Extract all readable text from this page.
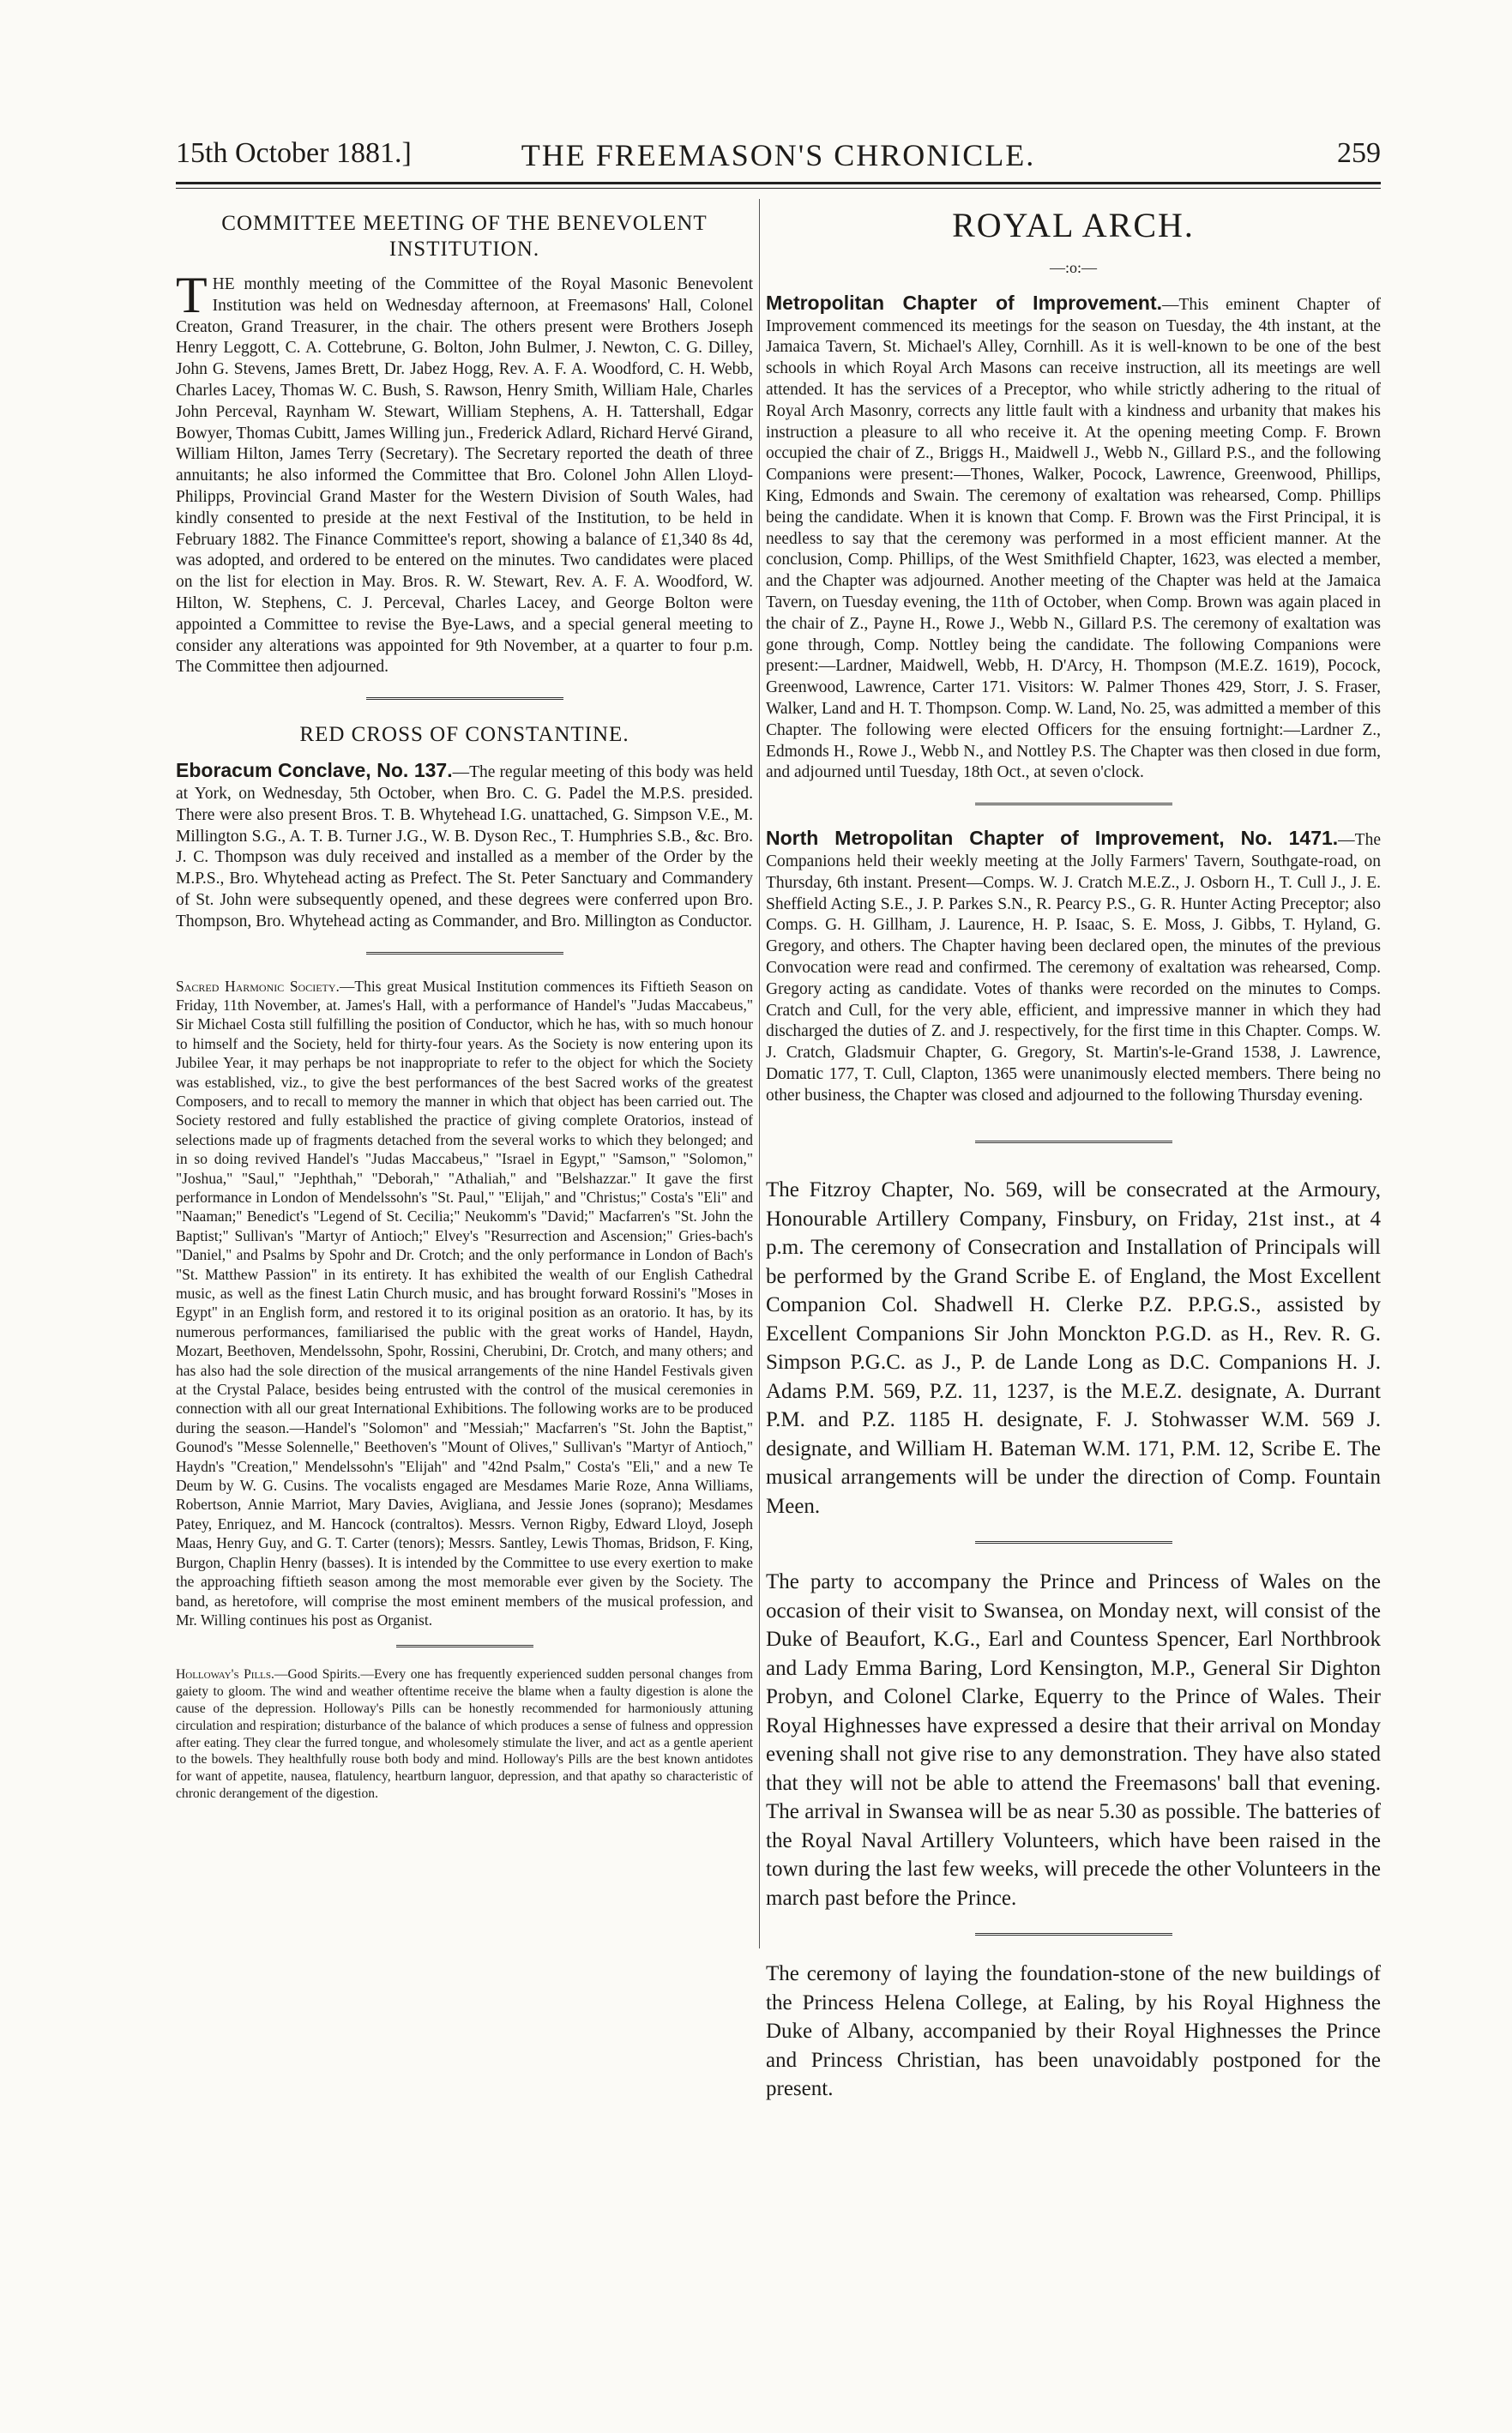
15th October 1881.]	THE FREEMASON'S CHRONICLE.	259
COMMITTEE MEETING OF THE BENEVOLENT INSTITUTION.

THE monthly meeting of the Committee of the Royal Masonic Benevolent Institution was held on Wednesday afternoon, at Freemasons' Hall, Colonel Creaton, Grand Treasurer, in the chair. The others present were Brothers Joseph Henry Leggott, C. A. Cottebrune, G. Bolton, John Bulmer, J. Newton, C. G. Dilley, John G. Stevens, James Brett, Dr. Jabez Hogg, Rev. A. F. A. Woodford, C. H. Webb, Charles Lacey, Thomas W. C. Bush, S. Rawson, Henry Smith, William Hale, Charles John Perceval, Raynham W. Stewart, William Stephens, A. H. Tattershall, Edgar Bowyer, Thomas Cubitt, James Willing jun., Frederick Adlard, Richard Hervé Girand, William Hilton, James Terry (Secretary). The Secretary reported the death of three annuitants; he also informed the Committee that Bro. Colonel John Allen Lloyd-Philipps, Provincial Grand Master for the Western Division of South Wales, had kindly consented to preside at the next Festival of the Institution, to be held in February 1882. The Finance Committee's report, showing a balance of £1,340 8s 4d, was adopted, and ordered to be entered on the minutes. Two candidates were placed on the list for election in May. Bros. R. W. Stewart, Rev. A. F. A. Woodford, W. Hilton, W. Stephens, C. J. Perceval, Charles Lacey, and George Bolton were appointed a Committee to revise the Bye-Laws, and a special general meeting to consider any alterations was appointed for 9th November, at a quarter to four p.m. The Committee then adjourned.

RED CROSS OF CONSTANTINE.

Eboracum Conclave, No. 137.—The regular meeting of this body was held at York, on Wednesday, 5th October, when Bro. C. G. Padel the M.P.S. presided. There were also present Bros. T. B. Whytehead I.G. unattached, G. Simpson V.E., M. Millington S.G., A. T. B. Turner J.G., W. B. Dyson Rec., T. Humphries S.B., &c. Bro. J. C. Thompson was duly received and installed as a member of the Order by the M.P.S., Bro. Whytehead acting as Prefect. The St. Peter Sanctuary and Commandery of St. John were subsequently opened, and these degrees were conferred upon Bro. Thompson, Bro. Whytehead acting as Commander, and Bro. Millington as Conductor.

Sacred Harmonic Society.—This great Musical Institution commences its Fiftieth Season on Friday, 11th November, at. James's Hall, with a performance of Handel's "Judas Maccabeus," Sir Michael Costa still fulfilling the position of Conductor, which he has, with so much honour to himself and the Society, held for thirty-four years. As the Society is now entering upon its Jubilee Year, it may perhaps be not inappropriate to refer to the object for which the Society was established, viz., to give the best performances of the best Sacred works of the greatest Composers, and to recall to memory the manner in which that object has been carried out. The Society restored and fully established the practice of giving complete Oratorios, instead of selections made up of fragments detached from the several works to which they belonged; and in so doing revived Handel's "Judas Maccabeus," "Israel in Egypt," "Samson," "Solomon," "Joshua," "Saul," "Jephthah," "Deborah," "Athaliah," and "Belshazzar." It gave the first performance in London of Mendelssohn's "St. Paul," "Elijah," and "Christus;" Costa's "Eli" and "Naaman;" Benedict's "Legend of St. Cecilia;" Neukomm's "David;" Macfarren's "St. John the Baptist;" Sullivan's "Martyr of Antioch;" Elvey's "Resurrection and Ascension;" Gries-bach's "Daniel," and Psalms by Spohr and Dr. Crotch; and the only performance in London of Bach's "St. Matthew Passion" in its entirety. It has exhibited the wealth of our English Cathedral music, as well as the finest Latin Church music, and has brought forward Rossini's "Moses in Egypt" in an English form, and restored it to its original position as an oratorio. It has, by its numerous performances, familiarised the public with the great works of Handel, Haydn, Mozart, Beethoven, Mendelssohn, Spohr, Rossini, Cherubini, Dr. Crotch, and many others; and has also had the sole direction of the musical arrangements of the nine Handel Festivals given at the Crystal Palace, besides being entrusted with the control of the musical ceremonies in connection with all our great International Exhibitions. The following works are to be produced during the season.—Handel's "Solomon" and "Messiah;" Macfarren's "St. John the Baptist," Gounod's "Messe Solennelle," Beethoven's "Mount of Olives," Sullivan's "Martyr of Antioch," Haydn's "Creation," Mendelssohn's "Elijah" and "42nd Psalm," Costa's "Eli," and a new Te Deum by W. G. Cusins. The vocalists engaged are Mesdames Marie Roze, Anna Williams, Robertson, Annie Marriot, Mary Davies, Avigliana, and Jessie Jones (soprano); Mesdames Patey, Enriquez, and M. Hancock (contraltos). Messrs. Vernon Rigby, Edward Lloyd, Joseph Maas, Henry Guy, and G. T. Carter (tenors); Messrs. Santley, Lewis Thomas, Bridson, F. King, Burgon, Chaplin Henry (basses). It is intended by the Committee to use every exertion to make the approaching fiftieth season among the most memorable ever given by the Society. The band, as heretofore, will comprise the most eminent members of the musical profession, and Mr. Willing continues his post as Organist.

Holloway's Pills.—Good Spirits.—Every one has frequently experienced sudden personal changes from gaiety to gloom. The wind and weather oftentime receive the blame when a faulty digestion is alone the cause of the depression. Holloway's Pills can be honestly recommended for harmoniously attuning circulation and respiration; disturbance of the balance of which produces a sense of fulness and oppression after eating. They clear the furred tongue, and wholesomely stimulate the liver, and act as a gentle aperient to the bowels. They healthfully rouse both body and mind. Holloway's Pills are the best known antidotes for want of appetite, nausea, flatulency, heartburn languor, depression, and that apathy so characteristic of chronic derangement of the digestion.

ROYAL ARCH.
—:o:—

Metropolitan Chapter of Improvement.—This eminent Chapter of Improvement commenced its meetings for the season on Tuesday, the 4th instant, at the Jamaica Tavern, St. Michael's Alley, Cornhill. As it is well-known to be one of the best schools in which Royal Arch Masons can receive instruction, all its meetings are well attended. It has the services of a Preceptor, who while strictly adhering to the ritual of Royal Arch Masonry, corrects any little fault with a kindness and urbanity that makes his instruction a pleasure to all who receive it. At the opening meeting Comp. F. Brown occupied the chair of Z., Briggs H., Maidwell J., Webb N., Gillard P.S., and the following Companions were present:—Thones, Walker, Pocock, Lawrence, Greenwood, Phillips, King, Edmonds and Swain. The ceremony of exaltation was rehearsed, Comp. Phillips being the candidate. When it is known that Comp. F. Brown was the First Principal, it is needless to say that the ceremony was performed in a most efficient manner. At the conclusion, Comp. Phillips, of the West Smithfield Chapter, 1623, was elected a member, and the Chapter was adjourned. Another meeting of the Chapter was held at the Jamaica Tavern, on Tuesday evening, the 11th of October, when Comp. Brown was again placed in the chair of Z., Payne H., Rowe J., Webb N., Gillard P.S. The ceremony of exaltation was gone through, Comp. Nottley being the candidate. The following Companions were present:—Lardner, Maidwell, Webb, H. D'Arcy, H. Thompson (M.E.Z. 1619), Pocock, Greenwood, Lawrence, Carter 171. Visitors: W. Palmer Thones 429, Storr, J. S. Fraser, Walker, Land and H. T. Thompson. Comp. W. Land, No. 25, was admitted a member of this Chapter. The following were elected Officers for the ensuing fortnight:—Lardner Z., Edmonds H., Rowe J., Webb N., and Nottley P.S. The Chapter was then closed in due form, and adjourned until Tuesday, 18th Oct., at seven o'clock.

North Metropolitan Chapter of Improvement, No. 1471.—The Companions held their weekly meeting at the Jolly Farmers' Tavern, Southgate-road, on Thursday, 6th instant. Present—Comps. W. J. Cratch M.E.Z., J. Osborn H., T. Cull J., J. E. Sheffield Acting S.E., J. P. Parkes S.N., R. Pearcy P.S., G. R. Hunter Acting Preceptor; also Comps. G. H. Gillham, J. Laurence, H. P. Isaac, S. E. Moss, J. Gibbs, T. Hyland, G. Gregory, and others. The Chapter having been declared open, the minutes of the previous Convocation were read and confirmed. The ceremony of exaltation was rehearsed, Comp. Gregory acting as candidate. Votes of thanks were recorded on the minutes to Comps. Cratch and Cull, for the very able, efficient, and impressive manner in which they had discharged the duties of Z. and J. respectively, for the first time in this Chapter. Comps. W. J. Cratch, Gladsmuir Chapter, G. Gregory, St. Martin's-le-Grand 1538, J. Lawrence, Domatic 177, T. Cull, Clapton, 1365 were unanimously elected members. There being no other business, the Chapter was closed and adjourned to the following Thursday evening.

The Fitzroy Chapter, No. 569, will be consecrated at the Armoury, Honourable Artillery Company, Finsbury, on Friday, 21st inst., at 4 p.m. The ceremony of Consecration and Installation of Principals will be performed by the Grand Scribe E. of England, the Most Excellent Companion Col. Shadwell H. Clerke P.Z. P.P.G.S., assisted by Excellent Companions Sir John Monckton P.G.D. as H., Rev. R. G. Simpson P.G.C. as J., P. de Lande Long as D.C. Companions H. J. Adams P.M. 569, P.Z. 11, 1237, is the M.E.Z. designate, A. Durrant P.M. and P.Z. 1185 H. designate, F. J. Stohwasser W.M. 569 J. designate, and William H. Bateman W.M. 171, P.M. 12, Scribe E. The musical arrangements will be under the direction of Comp. Fountain Meen.

The party to accompany the Prince and Princess of Wales on the occasion of their visit to Swansea, on Monday next, will consist of the Duke of Beaufort, K.G., Earl and Countess Spencer, Earl Northbrook and Lady Emma Baring, Lord Kensington, M.P., General Sir Dighton Probyn, and Colonel Clarke, Equerry to the Prince of Wales. Their Royal Highnesses have expressed a desire that their arrival on Monday evening shall not give rise to any demonstration. They have also stated that they will not be able to attend the Freemasons' ball that evening. The arrival in Swansea will be as near 5.30 as possible. The batteries of the Royal Naval Artillery Volunteers, which have been raised in the town during the last few weeks, will precede the other Volunteers in the march past before the Prince.

The ceremony of laying the foundation-stone of the new buildings of the Princess Helena College, at Ealing, by his Royal Highness the Duke of Albany, accompanied by their Royal Highnesses the Prince and Princess Christian, has been unavoidably postponed for the present.
